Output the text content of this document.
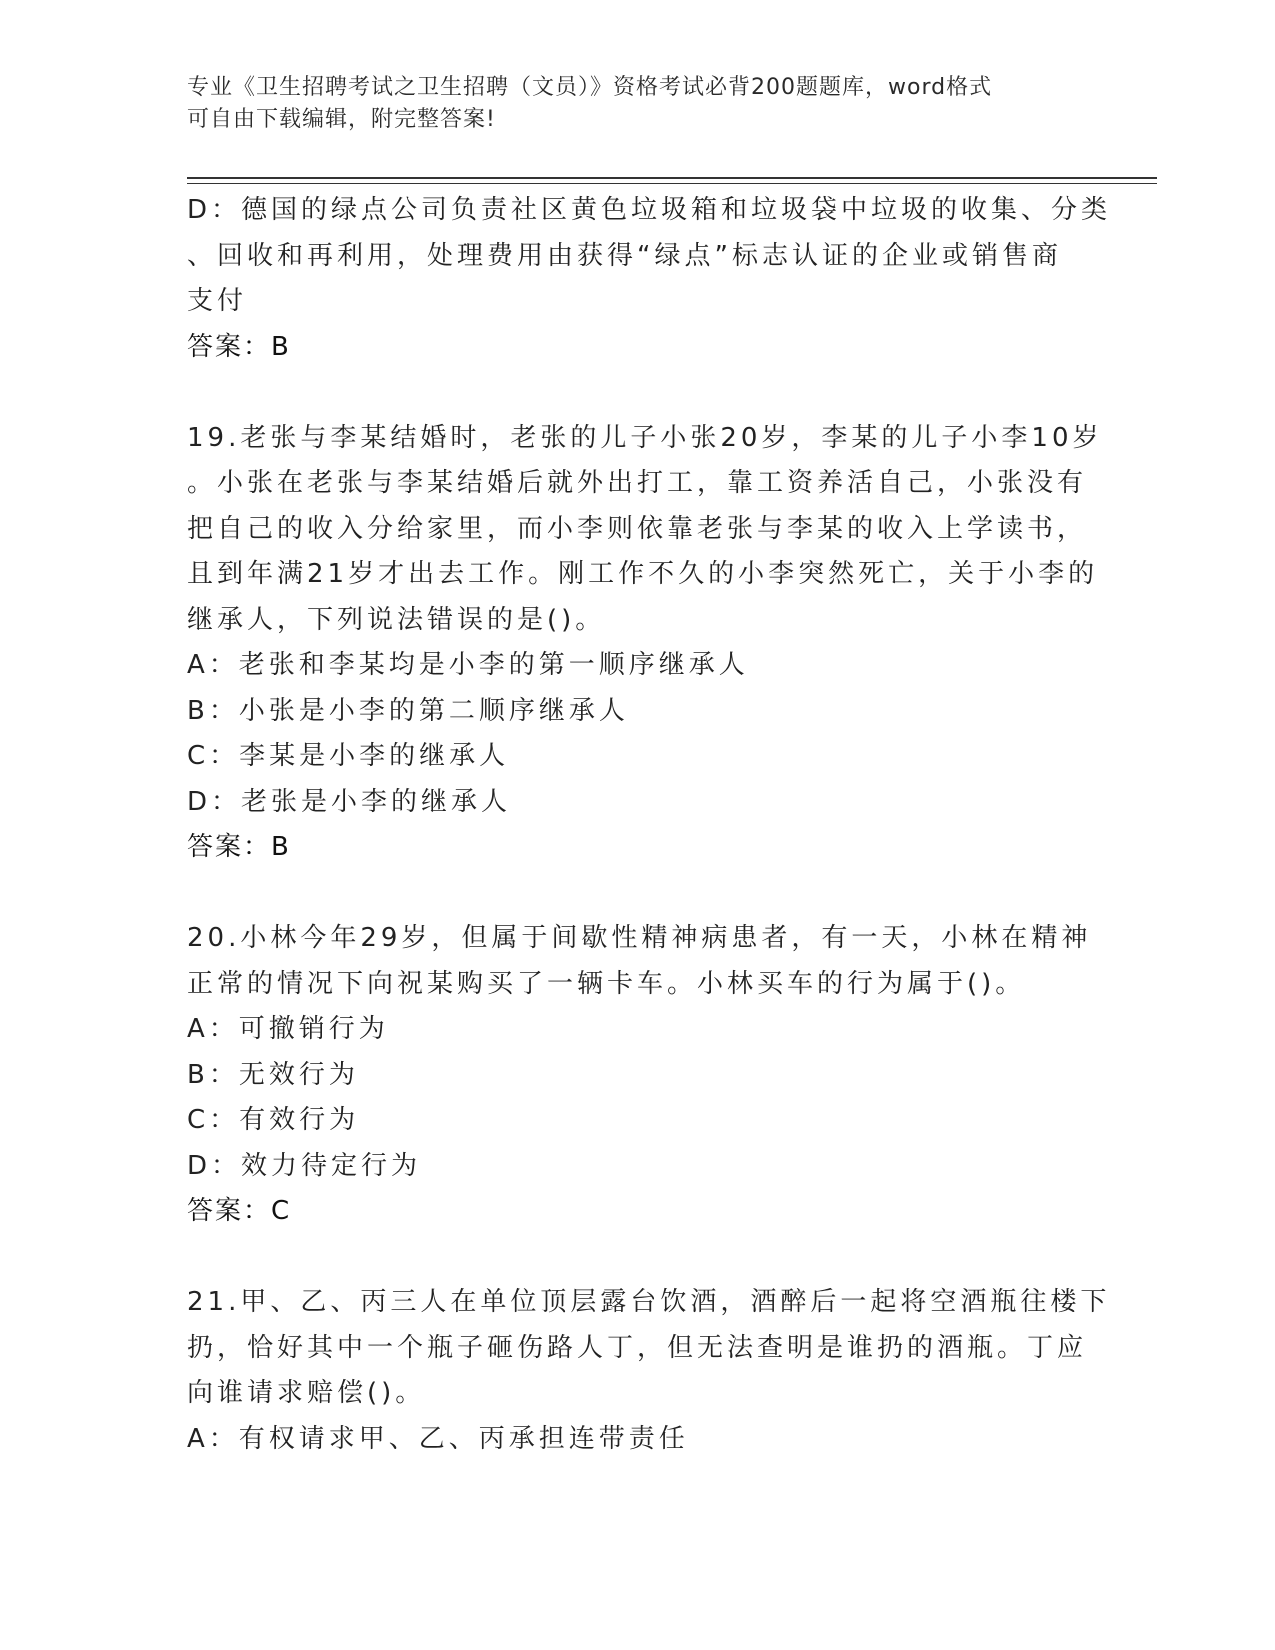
专业《卫生招聘考试之卫生招聘（文员）》资格考试必背200题题库，word格式
可自由下载编辑，附完整答案!
D：德国的绿点公司负责社区黄色垃圾箱和垃圾袋中垃圾的收集、分类
、回收和再利用，处理费用由获得“绿点”标志认证的企业或销售商
支付
答案：B
19.老张与李某结婚时，老张的儿子小张20岁，李某的儿子小李10岁
。小张在老张与李某结婚后就外出打工，靠工资养活自己，小张没有
把自己的收入分给家里，而小李则依靠老张与李某的收入上学读书，
且到年满21岁才出去工作。刚工作不久的小李突然死亡，关于小李的
继承人，下列说法错误的是()。
A：老张和李某均是小李的第一顺序继承人
B：小张是小李的第二顺序继承人
C：李某是小李的继承人
D：老张是小李的继承人
答案：B
20.小林今年29岁，但属于间歇性精神病患者，有一天，小林在精神
正常的情况下向祝某购买了一辆卡车。小林买车的行为属于()。
A：可撤销行为
B：无效行为
C：有效行为
D：效力待定行为
答案：C
21.甲、乙、丙三人在单位顶层露台饮酒，酒醉后一起将空酒瓶往楼下
扔，恰好其中一个瓶子砸伤路人丁，但无法查明是谁扔的酒瓶。丁应
向谁请求赔偿()。
A：有权请求甲、乙、丙承担连带责任
